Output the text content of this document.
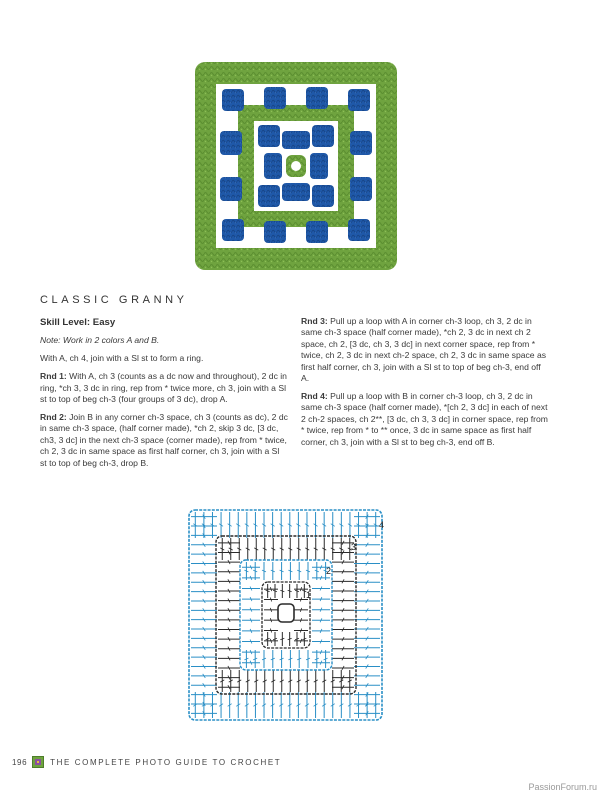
CLASSIC GRANNY

Skill Level: Easy

Note: Work in 2 colors A and B.

With A, ch 4, join with a Sl st to form a ring.

Rnd 1: With A, ch 3 (counts as a dc now and throughout), 2 dc in ring, *ch 3, 3 dc in ring, rep from * twice more, ch 3, join with a Sl st to top of beg ch-3 (four groups of 3 dc), drop A.

Rnd 2: Join B in any corner ch-3 space, ch 3 (counts as dc), 2 dc in same ch-3 space, (half corner made), *ch 2, skip 3 dc, [3 dc, ch3, 3 dc] in the next ch-3 space (corner made), rep from * twice, ch 2, 3 dc in same space as first half corner, ch 3, join with a Sl st to top of beg ch-3, drop B.

Rnd 3: Pull up a loop with A in corner ch-3 loop, ch 3, 2 dc in same ch-3 space (half corner made), *ch 2, 3 dc in next ch 2 space, ch 2, [3 dc, ch 3, 3 dc] in next corner space, rep from * twice, ch 2, 3 dc in next ch-2 space, ch 2, 3 dc in same space as first half corner, ch 3, join with a Sl st to top of beg ch-3, end off A.

Rnd 4: Pull up a loop with B in corner ch-3 loop, ch 3, 2 dc in same ch-3 space (half corner made), *[ch 2, 3 dc] in each of next 2 ch-2 spaces, ch 2**, [3 dc, ch 3, 3 dc] in corner space, rep from * twice, rep from * to ** once, 3 dc in same space as first half corner, ch 3, join with a Sl st to beg ch-3, end off B.

4
3
2
1
196	THE COMPLETE PHOTO GUIDE TO CROCHET
PassionForum.ru
